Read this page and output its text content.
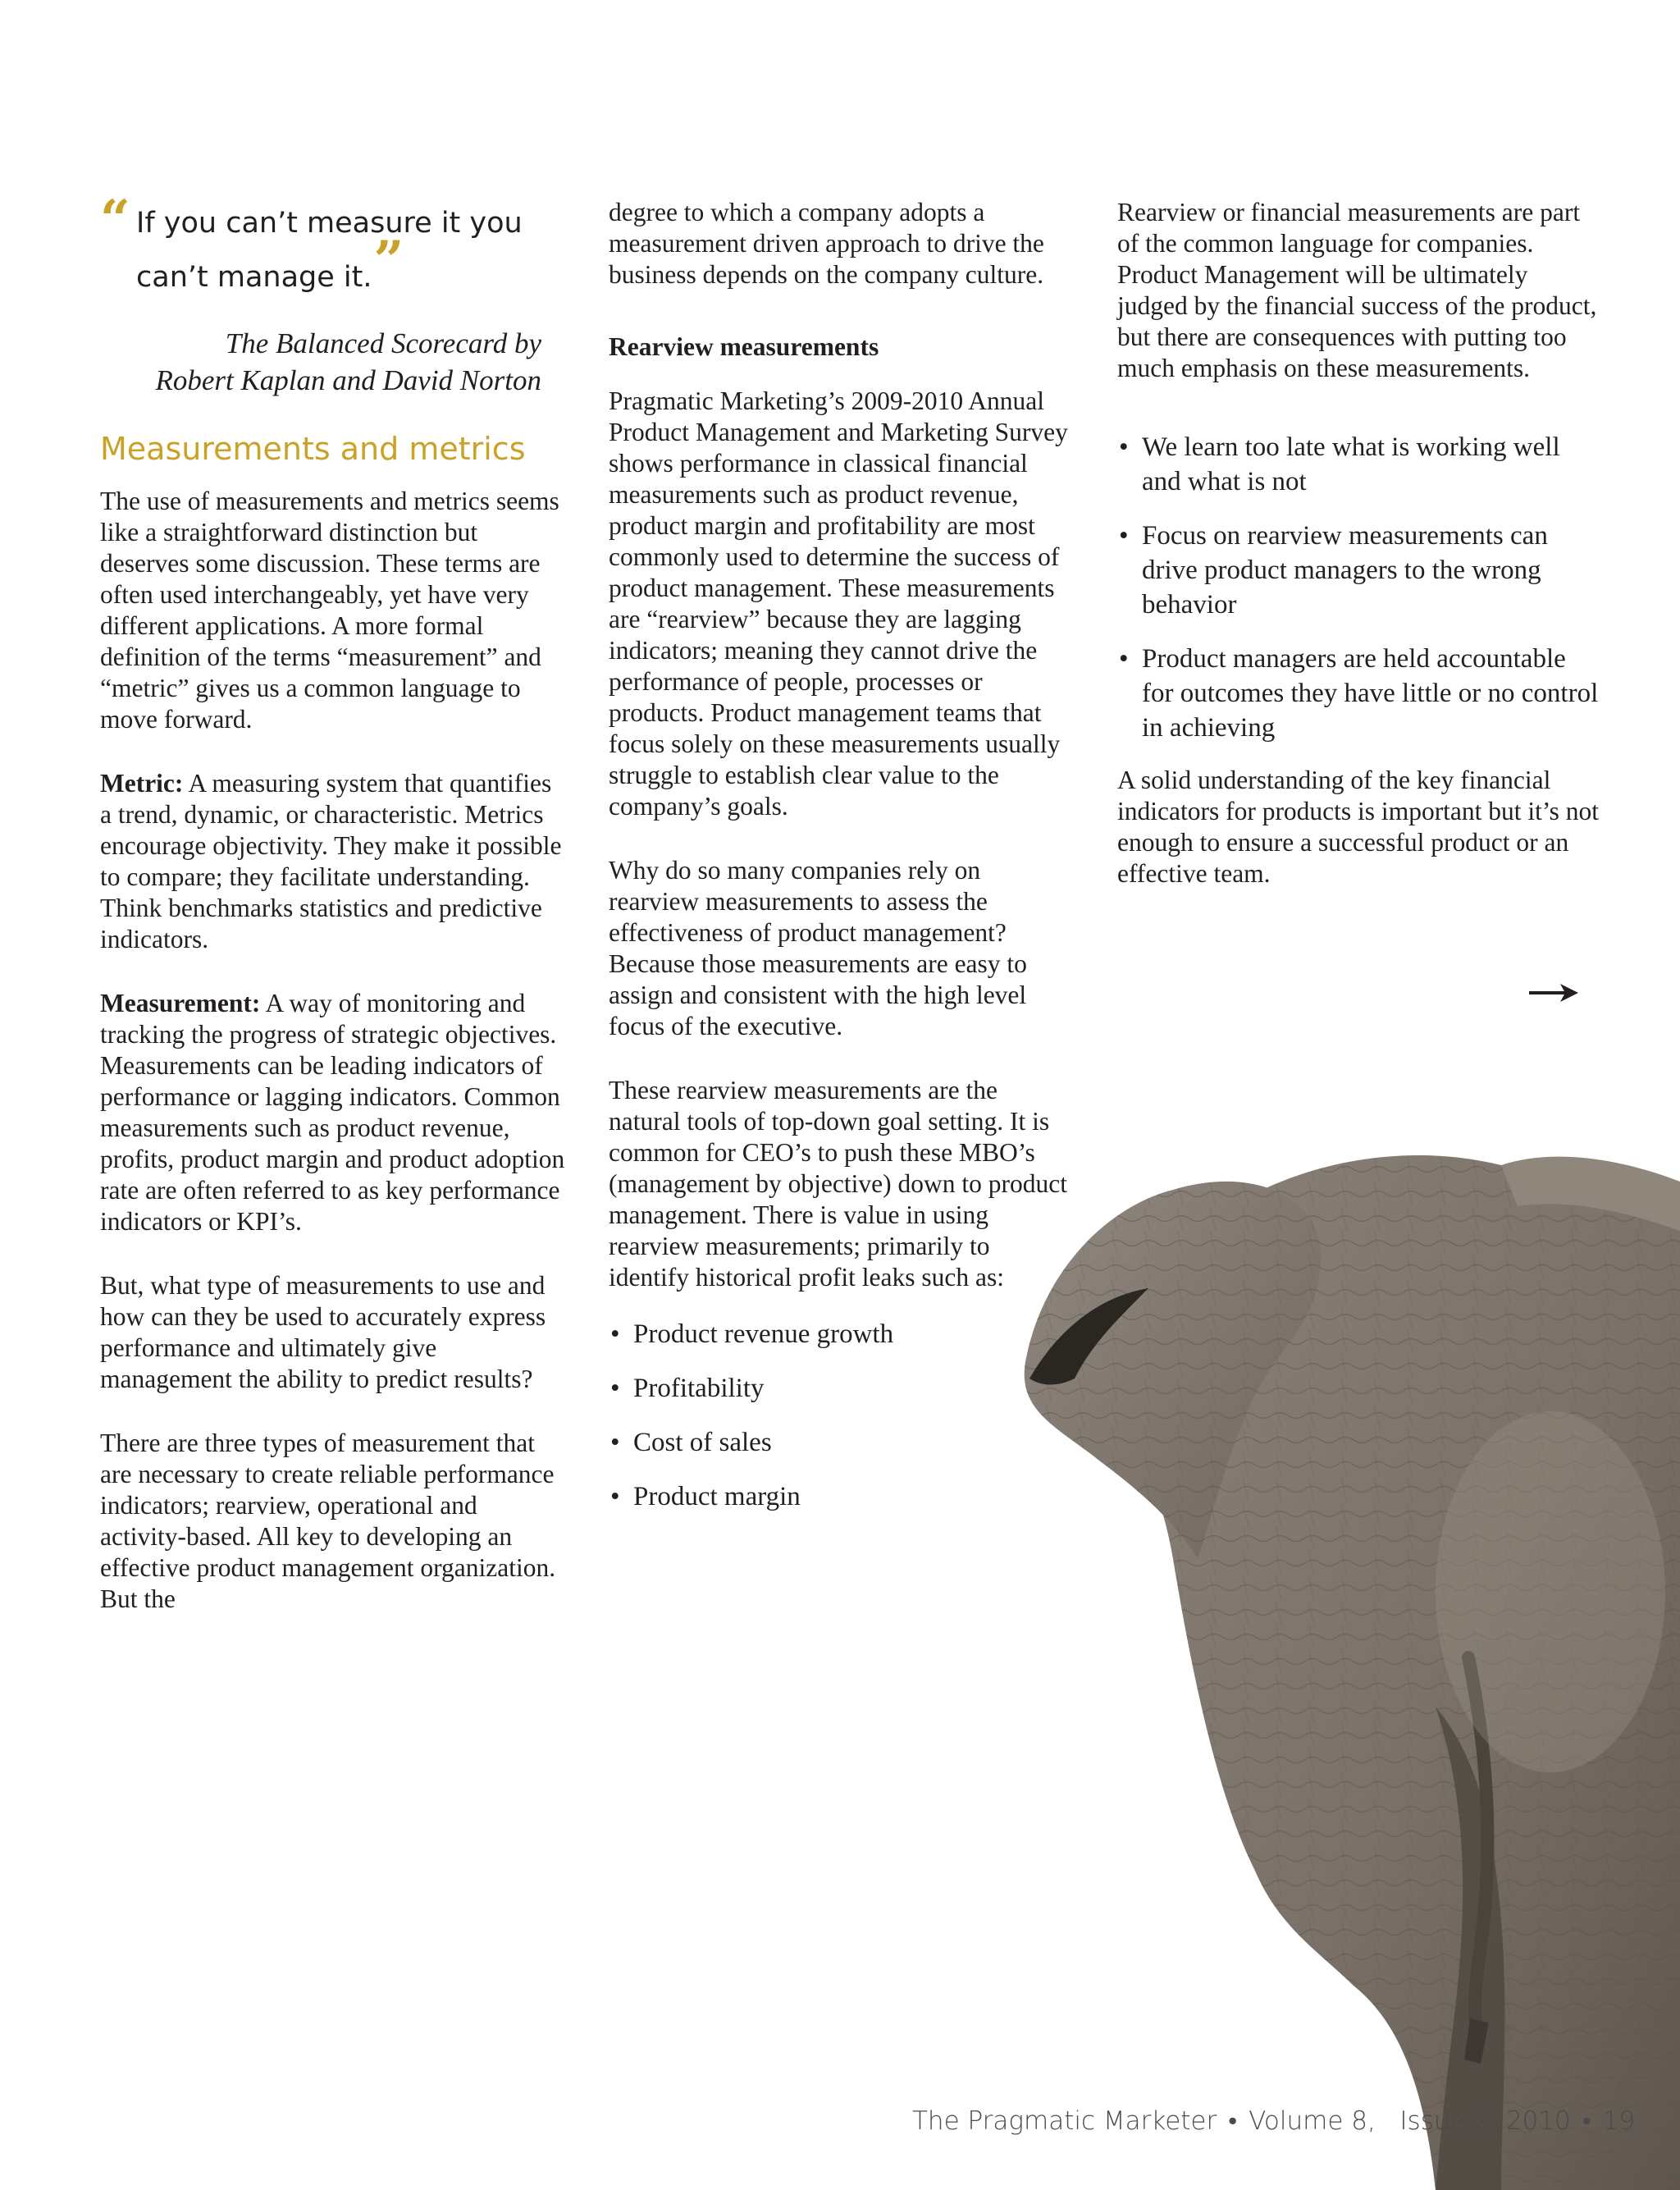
“ If you can’t measure it you
can’t manage it.”
The Balanced Scorecard by
Robert Kaplan and David Norton
Measurements and metrics

The use of measurements and metrics seems like a straightforward distinction but deserves some discussion. These terms are often used interchangeably, yet have very different applications. A more formal definition of the terms “measurement” and “metric” gives us a common language to move forward.

Metric: A measuring system that quantifies a trend, dynamic, or characteristic. Metrics encourage objectivity. They make it possible to compare; they facilitate understanding. Think benchmarks statistics and predictive indicators.

Measurement: A way of monitoring and tracking the progress of strategic objectives. Measurements can be leading indicators of performance or lagging indicators. Common measurements such as product revenue, profits, product margin and product adoption rate are often referred to as key performance indicators or KPI’s.

But, what type of measurements to use and how can they be used to accurately express performance and ultimately give management the ability to predict results?

There are three types of measurement that are necessary to create reliable performance indicators; rearview, operational and activity-based. All key to developing an effective product management organization. But the

degree to which a company adopts a measurement driven approach to drive the business depends on the company culture.

Rearview measurements

Pragmatic Marketing’s 2009-2010 Annual Product Management and Marketing Survey shows performance in classical financial measurements such as product revenue, product margin and profitability are most commonly used to determine the success of product management. These measurements are “rearview” because they are lagging indicators; meaning they cannot drive the performance of people, processes or products. Product management teams that focus solely on these measurements usually struggle to establish clear value to the company’s goals.

Why do so many companies rely on rearview measurements to assess the effectiveness of product management? Because those measurements are easy to assign and consistent with the high level focus of the executive.

These rearview measurements are the natural tools of top-down goal setting. It is common for CEO’s to push these MBO’s (management by objective) down to product management. There is value in using rearview measurements; primarily to identify historical profit leaks such as:

• Product revenue growth
• Profitability
• Cost of sales
• Product margin

Rearview or financial measurements are part of the common language for companies. Product Management will be ultimately judged by the financial success of the product, but there are consequences with putting too much emphasis on these measurements.

• We learn too late what is working well and what is not
• Focus on rearview measurements can drive product managers to the wrong behavior
• Product managers are held accountable for outcomes they have little or no control in achieving

A solid understanding of the key financial indicators for products is important but it’s not enough to ensure a successful product or an effective team.

The Pragmatic Marketer • Volume 8, Issue 2, 2010 • 19
